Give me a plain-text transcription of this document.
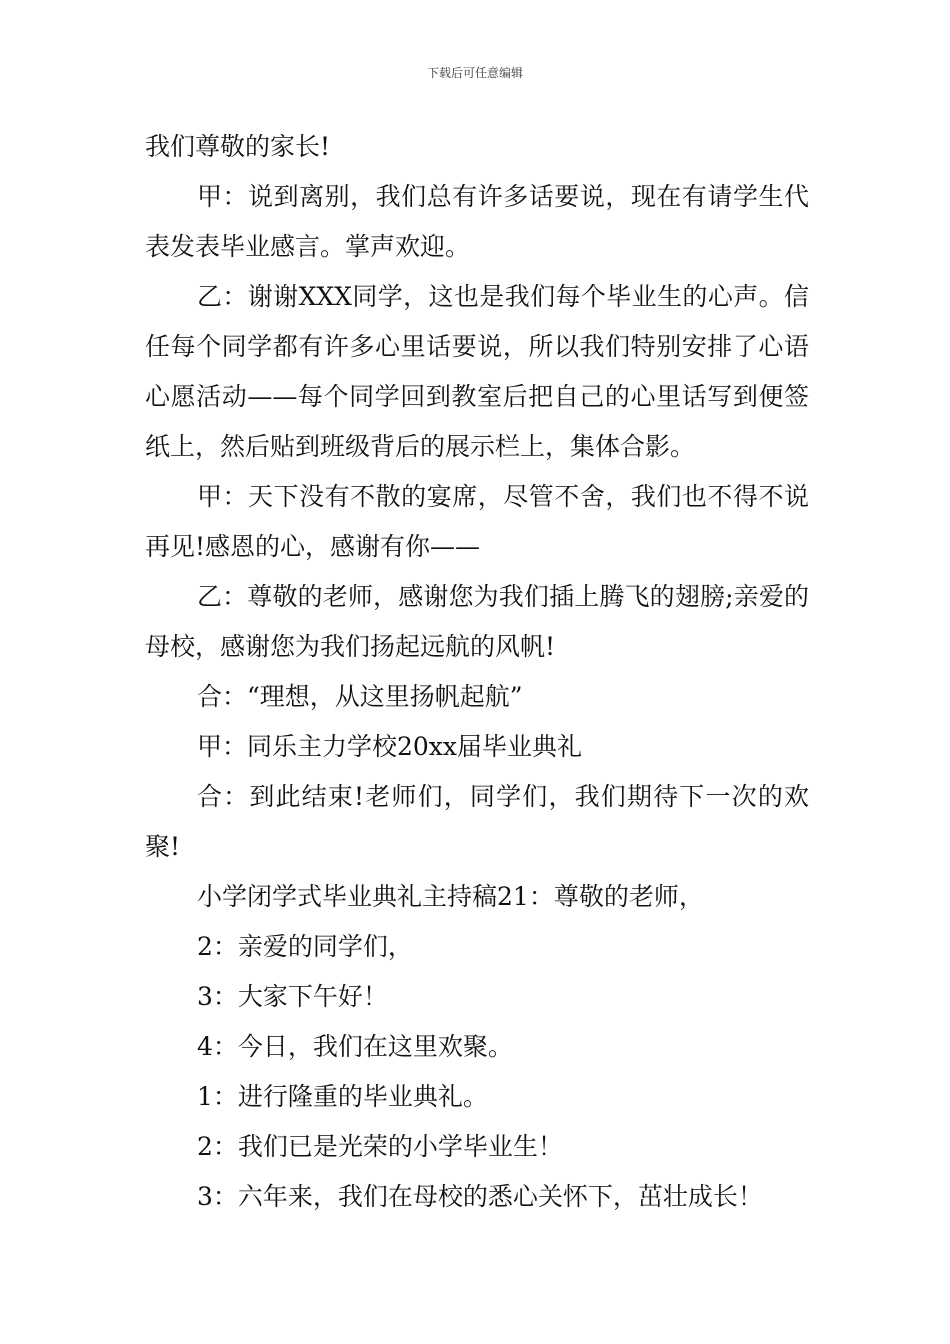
下载后可任意编辑

我们尊敬的家长!

甲：说到离别，我们总有许多话要说，现在有请学生代表发表毕业感言。掌声欢迎。

乙：谢谢XXX同学，这也是我们每个毕业生的心声。信任每个同学都有许多心里话要说，所以我们特别安排了心语心愿活动——每个同学回到教室后把自己的心里话写到便签纸上，然后贴到班级背后的展示栏上，集体合影。

甲：天下没有不散的宴席，尽管不舍，我们也不得不说再见!感恩的心，感谢有你——

乙：尊敬的老师，感谢您为我们插上腾飞的翅膀;亲爱的母校，感谢您为我们扬起远航的风帆!

合：“理想，从这里扬帆起航”

甲：同乐主力学校20xx届毕业典礼

合：到此结束!老师们，同学们，我们期待下一次的欢聚!

小学闭学式毕业典礼主持稿21：尊敬的老师，

2：亲爱的同学们，

3：大家下午好！

4：今日，我们在这里欢聚。

1：进行隆重的毕业典礼。

2：我们已是光荣的小学毕业生！

3：六年来，我们在母校的悉心关怀下，茁壮成长！
